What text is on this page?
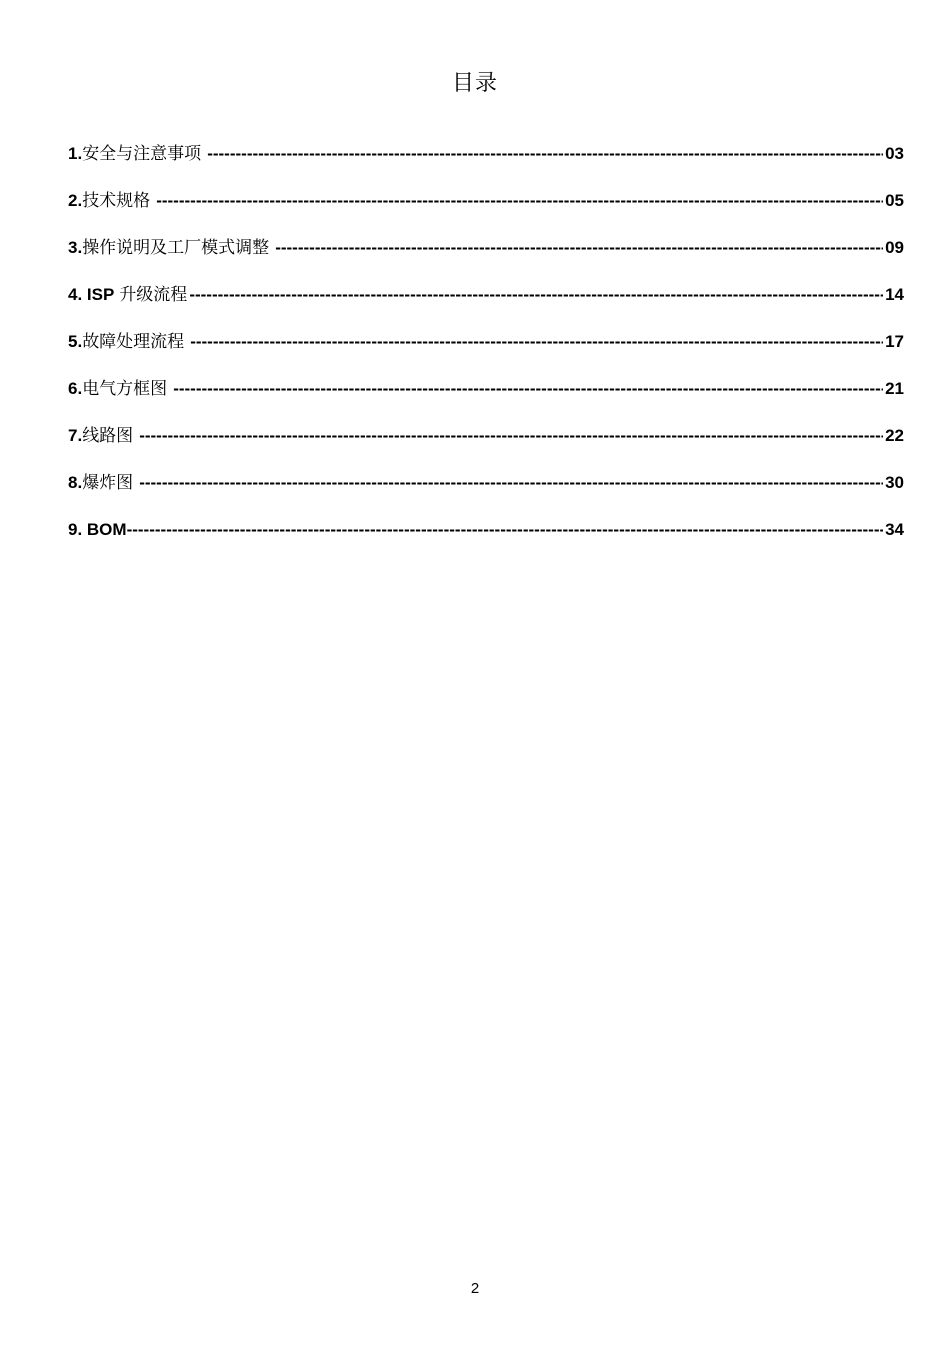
目录
1. 安全与注意事项 -----	03
2. 技术规格 -----	05
3. 操作说明及工厂模式调整 -----	09
4. ISP 升级流程 -----	14
5. 故障处理流程 -----	17
6. 电气方框图 -----	21
7. 线路图 -----	22
8. 爆炸图 -----	30
9. BOM -----	34
2
